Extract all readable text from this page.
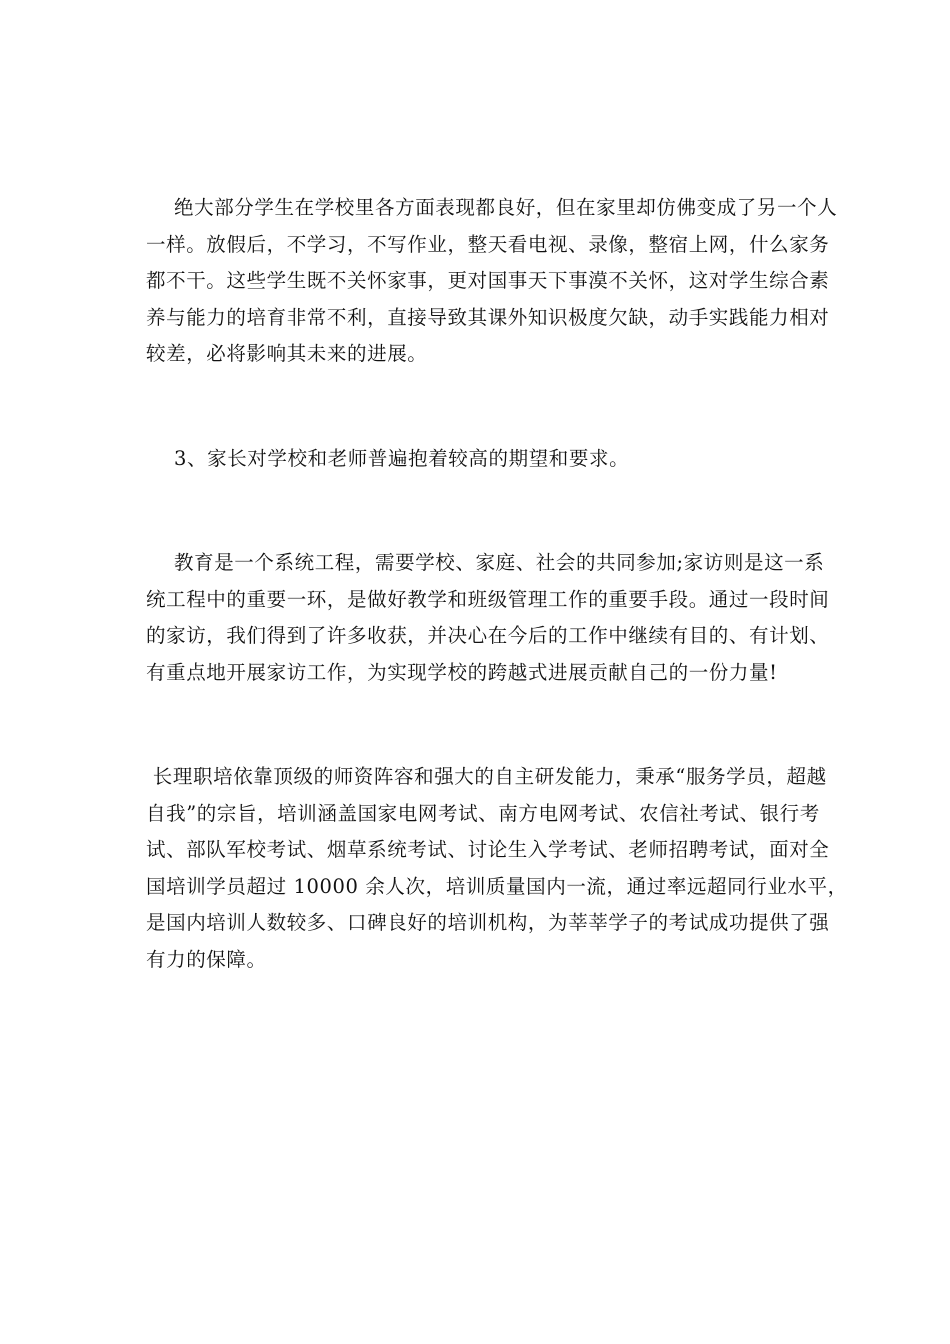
绝大部分学生在学校里各方面表现都良好，但在家里却仿佛变成了另一个人
一样。放假后，不学习，不写作业，整天看电视、录像，整宿上网，什么家务
都不干。这些学生既不关怀家事，更对国事天下事漠不关怀，这对学生综合素
养与能力的培育非常不利，直接导致其课外知识极度欠缺，动手实践能力相对
较差，必将影响其未来的进展。
3、家长对学校和老师普遍抱着较高的期望和要求。
教育是一个系统工程，需要学校、家庭、社会的共同参加;家访则是这一系
统工程中的重要一环，是做好教学和班级管理工作的重要手段。通过一段时间
的家访，我们得到了许多收获，并决心在今后的工作中继续有目的、有计划、
有重点地开展家访工作，为实现学校的跨越式进展贡献自己的一份力量!
长理职培依靠顶级的师资阵容和强大的自主研发能力，秉承“服务学员，超越
自我”的宗旨，培训涵盖国家电网考试、南方电网考试、农信社考试、银行考
试、部队军校考试、烟草系统考试、讨论生入学考试、老师招聘考试，面对全
国培训学员超过 10000 余人次，培训质量国内一流，通过率远超同行业水平，
是国内培训人数较多、口碑良好的培训机构，为莘莘学子的考试成功提供了强
有力的保障。
